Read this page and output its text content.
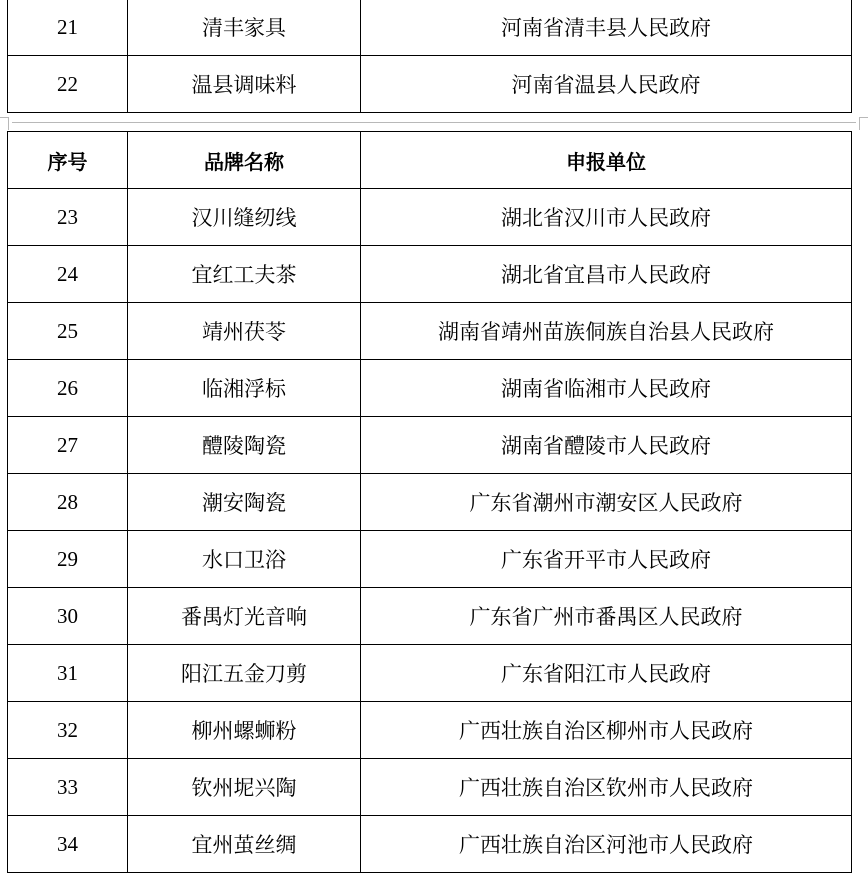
21	清丰家具	河南省清丰县人民政府
22	温县调味料	河南省温县人民政府
序号	品牌名称	申报单位
23	汉川缝纫线	湖北省汉川市人民政府
24	宜红工夫茶	湖北省宜昌市人民政府
25	靖州茯苓	湖南省靖州苗族侗族自治县人民政府
26	临湘浮标	湖南省临湘市人民政府
27	醴陵陶瓷	湖南省醴陵市人民政府
28	潮安陶瓷	广东省潮州市潮安区人民政府
29	水口卫浴	广东省开平市人民政府
30	番禺灯光音响	广东省广州市番禺区人民政府
31	阳江五金刀剪	广东省阳江市人民政府
32	柳州螺蛳粉	广西壮族自治区柳州市人民政府
33	钦州坭兴陶	广西壮族自治区钦州市人民政府
34	宜州茧丝绸	广西壮族自治区河池市人民政府
